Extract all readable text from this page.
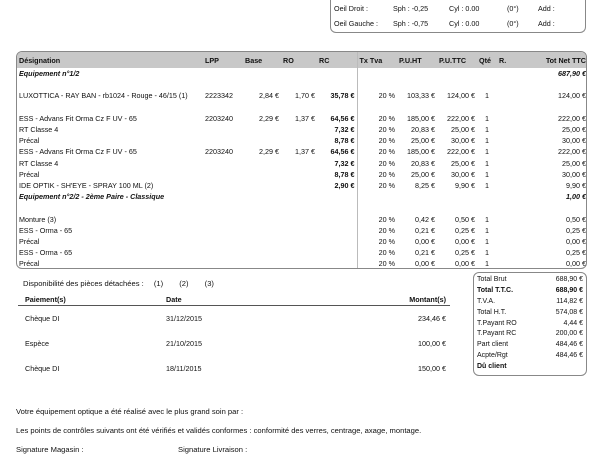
Oeil Droit :	Sph : -0,25	Cyl : 0.00	(0°)	Add :
Oeil Gauche : Sph : -0,75	Cyl : 0.00	(0°)	Add :
Désignation	LPP	Base	RO	RC	Tx Tva	P.U.HT	P.U.TTC	Qté	R.	Tot Net TTC
Equipement n°1/2										687,90 €

LUXOTTICA - RAY BAN - rb1024 - Rouge - 46/15 (1)	2223342	2,84 €	1,70 €	35,78 €	20 %	103,33 €	124,00 €	1		124,00 €

ESS - Advans Fit Orma Cz F UV - 65	2203240	2,29 €	1,37 €	64,56 €	20 %	185,00 €	222,00 €	1		222,00 €
RT Classe 4				7,32 €	20 %	20,83 €	25,00 €	1		25,00 €
Précal				8,78 €	20 %	25,00 €	30,00 €	1		30,00 €
ESS - Advans Fit Orma Cz F UV - 65	2203240	2,29 €	1,37 €	64,56 €	20 %	185,00 €	222,00 €	1		222,00 €
RT Classe 4				7,32 €	20 %	20,83 €	25,00 €	1		25,00 €
Précal				8,78 €	20 %	25,00 €	30,00 €	1		30,00 €
IDE OPTIK - SH'EYE - SPRAY 100 ML (2)				2,90 €	20 %	8,25 €	9,90 €	1		9,90 €
Equipement n°2/2 - 2ème Paire - Classique										1,00 €

Monture (3)					20 %	0,42 €	0,50 €	1		0,50 €
ESS - Orma - 65					20 %	0,21 €	0,25 €	1		0,25 €
Précal					20 %	0,00 €	0,00 €	1		0,00 €
ESS - Orma - 65					20 %	0,21 €	0,25 €	1		0,25 €
Précal					20 %	0,00 €	0,00 €	1		0,00 €

Disponibilité des pièces détachées : (1) (2) (3)
Paiement(s)	Date	Montant(s)
Chèque DI	31/12/2015	234,46 €
Espèce	21/10/2015	100,00 €
Chèque DI	18/11/2015	150,00 €
Total Brut	688,90 €
Total T.T.C.	688,90 €
T.V.A.	114,82 €
Total H.T.	574,08 €
T.Payant RO	4,44 €
T.Payant RC	200,00 €
Part client	484,46 €
Acpte/Rgt	484,46 €
Dû client
Votre équipement optique a été réalisé avec le plus grand soin par :
Les points de contrôles suivants ont été vérifiés et validés conformes : conformité des verres, centrage, axage, montage.
Signature Magasin :	Signature Livraison :
